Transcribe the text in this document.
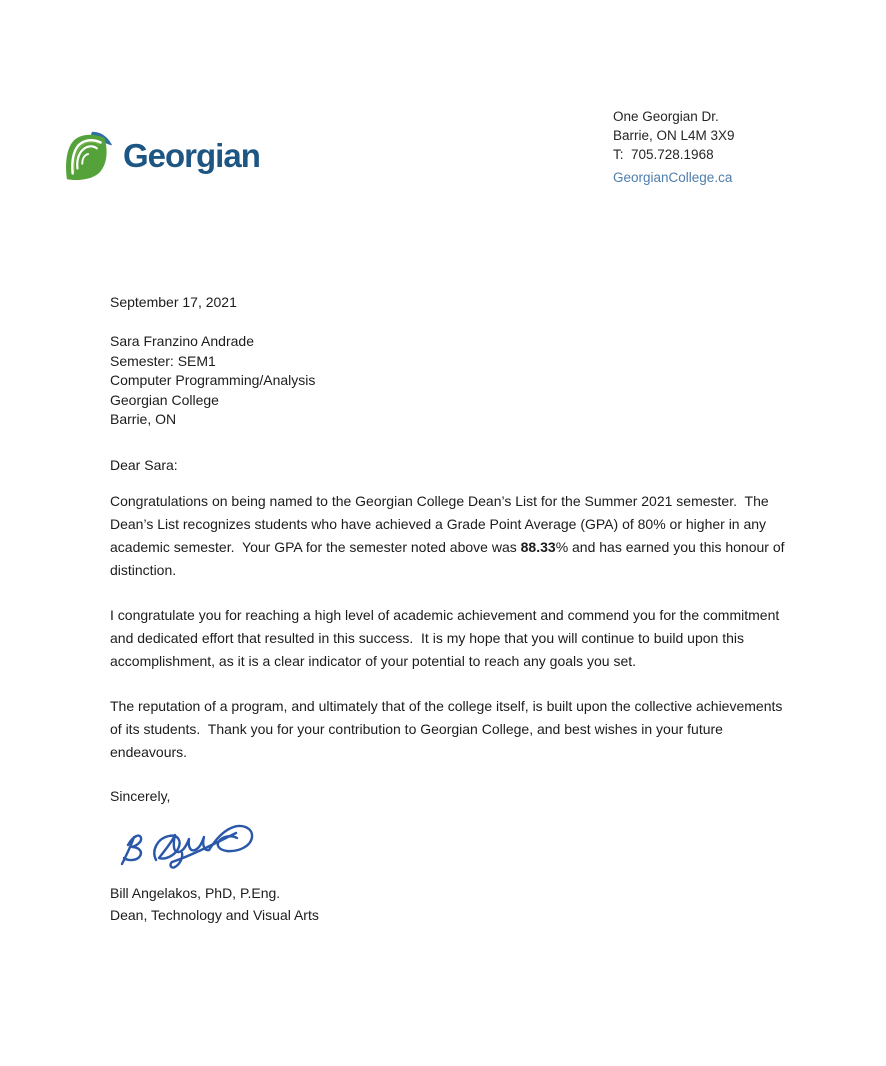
Georgian
One Georgian Dr.
Barrie, ON L4M 3X9
T:  705.728.1968
GeorgianCollege.ca
September 17, 2021
Sara Franzino Andrade
Semester: SEM1
Computer Programming/Analysis
Georgian College
Barrie, ON
Dear Sara:
Congratulations on being named to the Georgian College Dean’s List for the Summer 2021 semester.  The
Dean’s List recognizes students who have achieved a Grade Point Average (GPA) of 80% or higher in any
academic semester.  Your GPA for the semester noted above was 88.33% and has earned you this honour of
distinction.
I congratulate you for reaching a high level of academic achievement and commend you for the commitment
and dedicated effort that resulted in this success.  It is my hope that you will continue to build upon this
accomplishment, as it is a clear indicator of your potential to reach any goals you set.
The reputation of a program, and ultimately that of the college itself, is built upon the collective achievements
of its students.  Thank you for your contribution to Georgian College, and best wishes in your future
endeavours.
Sincerely,
Bill Angelakos, PhD, P.Eng.
Dean, Technology and Visual Arts
